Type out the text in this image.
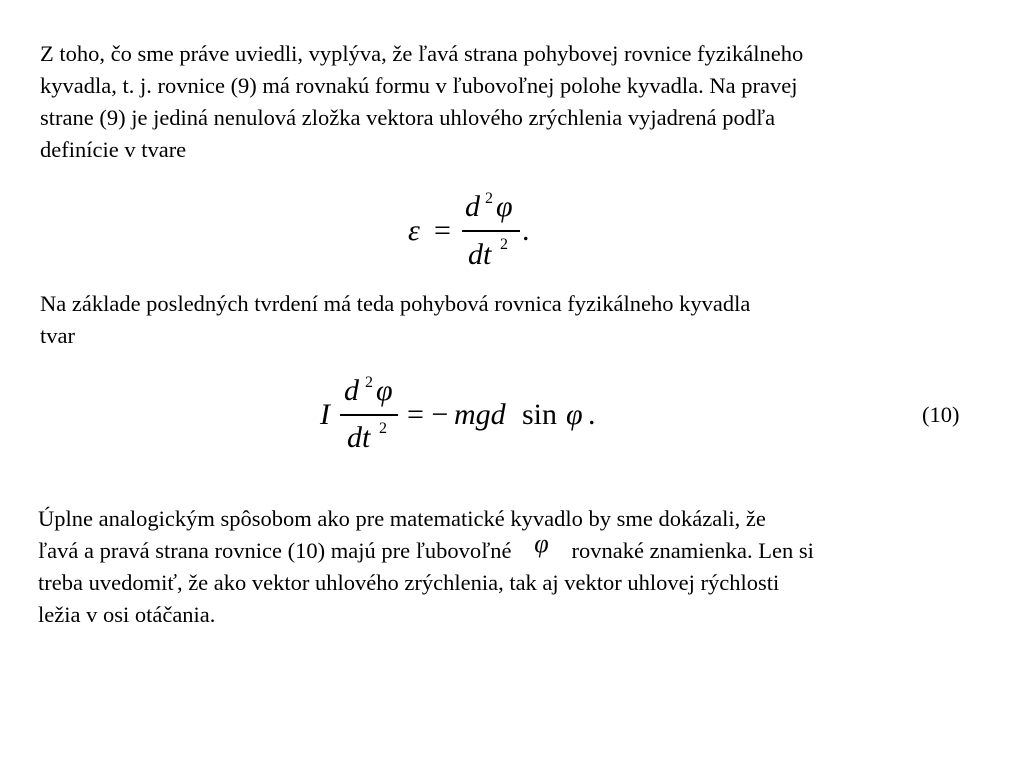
Z toho, čo sme práve uviedli, vyplýva, že ľavá strana pohybovej rovnice fyzikálneho
kyvadla, t. j. rovnice (9) má rovnakú formu v ľubovoľnej polohe kyvadla. Na pravej
strane (9) je jediná nenulová zložka vektora uhlového zrýchlenia vyjadrená podľa
definície v tvare
ε =
d 2 φ
dt 2 .
Na základe posledných tvrdení má teda pohybová rovnica fyzikálneho kyvadla
tvar
I
d 2 φ
dt 2 = − mgd sin φ .	(10)
Úplne analogickým spôsobom ako pre matematické kyvadlo by sme dokázali, že
ľavá a pravá strana rovnice (10) majú pre ľubovoľné φ rovnaké znamienka. Len si
treba uvedomiť, že ako vektor uhlového zrýchlenia, tak aj vektor uhlovej rýchlosti
ležia v osi otáčania.
